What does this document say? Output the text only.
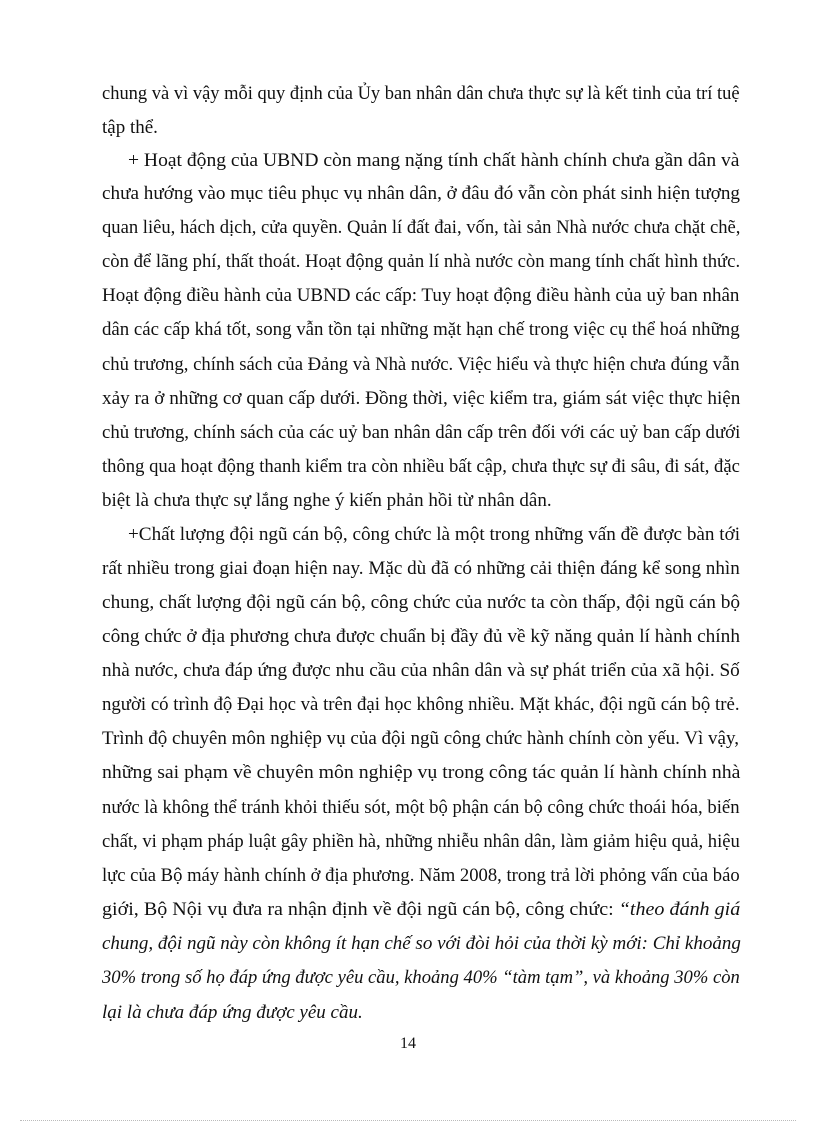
chung và vì vậy mỗi quy định của Ủy ban nhân dân chưa thực sự là kết tinh của trí tuệ
tập thể.
+ Hoạt động của UBND còn mang nặng tính chất hành chính chưa gần dân và
chưa hướng vào mục tiêu phục vụ nhân dân, ở đâu đó vẫn còn phát sinh hiện tượng
quan liêu, hách dịch, cửa quyền. Quản lí đất đai, vốn, tài sản Nhà nước chưa chặt chẽ,
còn để lãng phí, thất thoát. Hoạt động quản lí nhà nước còn mang tính chất hình thức.
Hoạt động điều hành của UBND các cấp: Tuy hoạt động điều hành của uỷ ban nhân
dân các cấp khá tốt, song vẫn tồn tại những mặt hạn chế trong việc cụ thể hoá những
chủ trương, chính sách của Đảng và Nhà nước. Việc hiểu và thực hiện chưa đúng vẫn
xảy ra ở những cơ quan cấp dưới. Đồng thời, việc kiểm tra, giám sát việc thực hiện
chủ trương, chính sách của các uỷ ban nhân dân cấp trên đối với các uỷ ban cấp dưới
thông qua hoạt động thanh kiểm tra còn nhiều bất cập, chưa thực sự đi sâu, đi sát, đặc
biệt là chưa thực sự lắng nghe ý kiến phản hồi từ nhân dân.
+Chất lượng đội ngũ cán bộ, công chức là một trong những vấn đề được bàn tới
rất nhiều trong giai đoạn hiện nay. Mặc dù đã có những cải thiện đáng kể song nhìn
chung, chất lượng đội ngũ cán bộ, công chức của nước ta còn thấp, đội ngũ cán bộ
công chức ở địa phương chưa được chuẩn bị đầy đủ về kỹ năng quản lí hành chính
nhà nước, chưa đáp ứng được nhu cầu của nhân dân và sự phát triển của xã hội. Số
người có trình độ Đại học và trên đại học không nhiều. Mặt khác, đội ngũ cán bộ trẻ.
Trình độ chuyên môn nghiệp vụ của đội ngũ công chức hành chính còn yếu. Vì vậy,
những sai phạm về chuyên môn nghiệp vụ trong công tác quản lí hành chính nhà
nước là không thể tránh khỏi thiếu sót, một bộ phận cán bộ công chức thoái hóa, biến
chất, vi phạm pháp luật gây phiền hà, những nhiễu nhân dân, làm giảm hiệu quả, hiệu
lực của Bộ máy hành chính ở địa phương. Năm 2008, trong trả lời phỏng vấn của báo
giới, Bộ Nội vụ đưa ra nhận định về đội ngũ cán bộ, công chức: “theo đánh giá
chung, đội ngũ này còn không ít hạn chế so với đòi hỏi của thời kỳ mới: Chỉ khoảng
30% trong số họ đáp ứng được yêu cầu, khoảng 40% “tàm tạm”, và khoảng 30% còn
lại là chưa đáp ứng được yêu cầu.
14
